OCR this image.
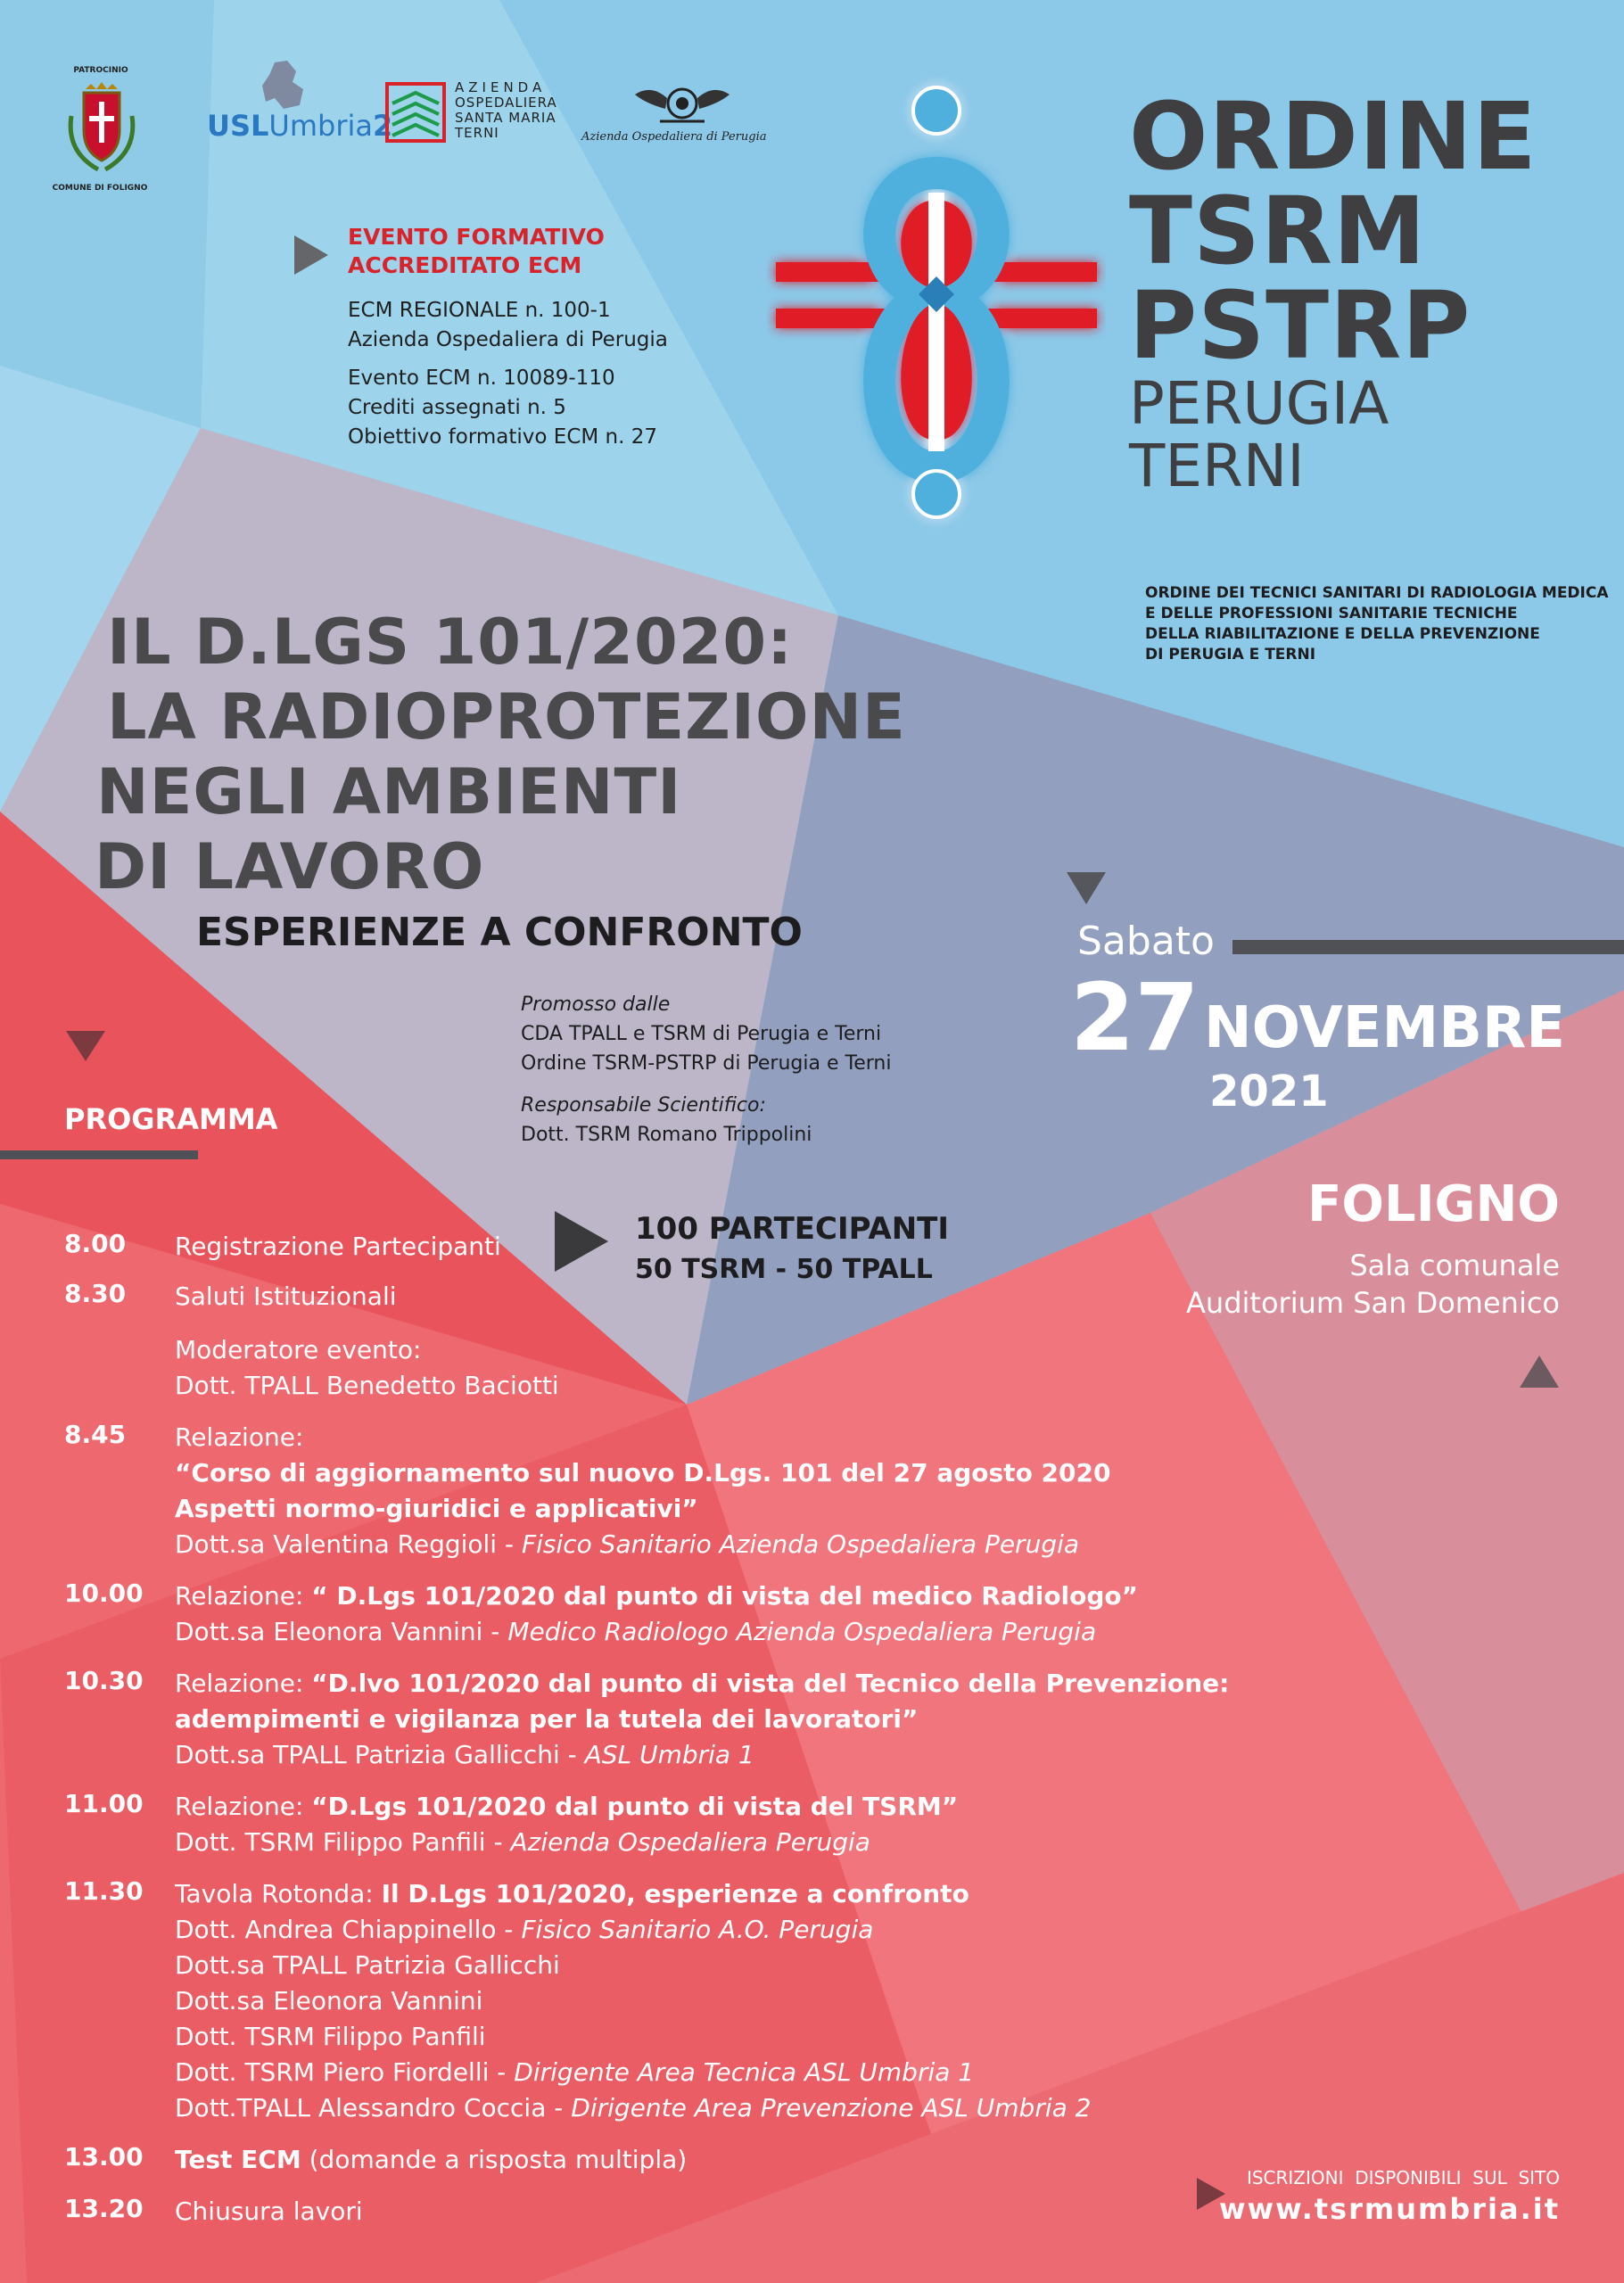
PATROCINIO
COMUNE DI FOLIGNO
USLUmbria2
AZIENDA
OSPEDALIERA
SANTA MARIA
TERNI	Azienda Ospedaliera di Perugia
EVENTO FORMATIVO
ACCREDITATO ECM
ECM REGIONALE n. 100-1
Azienda Ospedaliera di Perugia
Evento ECM n. 10089-110
Crediti assegnati n. 5
Obiettivo formativo ECM n. 27
ORDINE
TSRM
PSTRP
PERUGIA
TERNI
ORDINE DEI TECNICI SANITARI DI RADIOLOGIA MEDICA
E DELLE PROFESSIONI SANITARIE TECNICHE
DELLA RIABILITAZIONE E DELLA PREVENZIONE
DI PERUGIA E TERNI
IL D.LGS 101/2020:
LA RADIOPROTEZIONE
NEGLI AMBIENTI
DI LAVORO
ESPERIENZE A CONFRONTO
Promosso dalle
CDA TPALL e TSRM di Perugia e Terni
Ordine TSRM-PSTRP di Perugia e Terni
Responsabile Scientifico:
Dott. TSRM Romano Trippolini
Sabato
27 NOVEMBRE
2021
FOLIGNO
Sala comunale
Auditorium San Domenico
100 PARTECIPANTI
50 TSRM - 50 TPALL
PROGRAMMA
8.00 Registrazione Partecipanti
8.30 Saluti Istituzionali
Moderatore evento:
Dott. TPALL Benedetto Baciotti
8.45 Relazione:
“Corso di aggiornamento sul nuovo D.Lgs. 101 del 27 agosto 2020
Aspetti normo-giuridici e applicativi”
Dott.sa Valentina Reggioli - Fisico Sanitario Azienda Ospedaliera Perugia
10.00 Relazione: “ D.Lgs 101/2020 dal punto di vista del medico Radiologo”
Dott.sa Eleonora Vannini - Medico Radiologo Azienda Ospedaliera Perugia
10.30 Relazione: “D.lvo 101/2020 dal punto di vista del Tecnico della Prevenzione:
adempimenti e vigilanza per la tutela dei lavoratori”
Dott.sa TPALL Patrizia Gallicchi - ASL Umbria 1
11.00 Relazione: “D.Lgs 101/2020 dal punto di vista del TSRM”
Dott. TSRM Filippo Panfili - Azienda Ospedaliera Perugia
11.30 Tavola Rotonda: Il D.Lgs 101/2020, esperienze a confronto
Dott. Andrea Chiappinello - Fisico Sanitario A.O. Perugia
Dott.sa TPALL Patrizia Gallicchi
Dott.sa Eleonora Vannini
Dott. TSRM Filippo Panfili
Dott. TSRM Piero Fiordelli - Dirigente Area Tecnica ASL Umbria 1
Dott.TPALL Alessandro Coccia - Dirigente Area Prevenzione ASL Umbria 2
13.00 Test ECM (domande a risposta multipla)
13.20 Chiusura lavori
ISCRIZIONI  DISPONIBILI  SUL  SITO
www.tsrmumbria.it
